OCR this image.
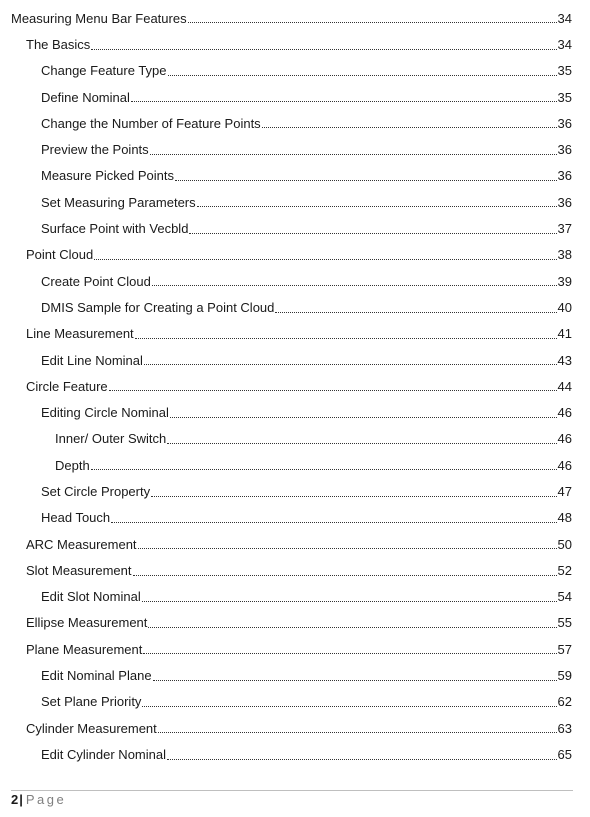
Measuring Menu Bar Features	34
The Basics	34
Change Feature Type	35
Define Nominal	35
Change the Number of Feature Points	36
Preview the Points	36
Measure Picked Points	36
Set Measuring Parameters	36
Surface Point with Vecbld	37
Point Cloud	38
Create Point Cloud	39
DMIS Sample for Creating a Point Cloud	40
Line Measurement	41
Edit Line Nominal	43
Circle Feature	44
Editing Circle Nominal	46
Inner/ Outer Switch	46
Depth	46
Set Circle Property	47
Head Touch	48
ARC Measurement	50
Slot Measurement	52
Edit Slot Nominal	54
Ellipse Measurement	55
Plane Measurement	57
Edit Nominal Plane	59
Set Plane Priority	62
Cylinder Measurement	63
Edit Cylinder Nominal	65
2 | Page
